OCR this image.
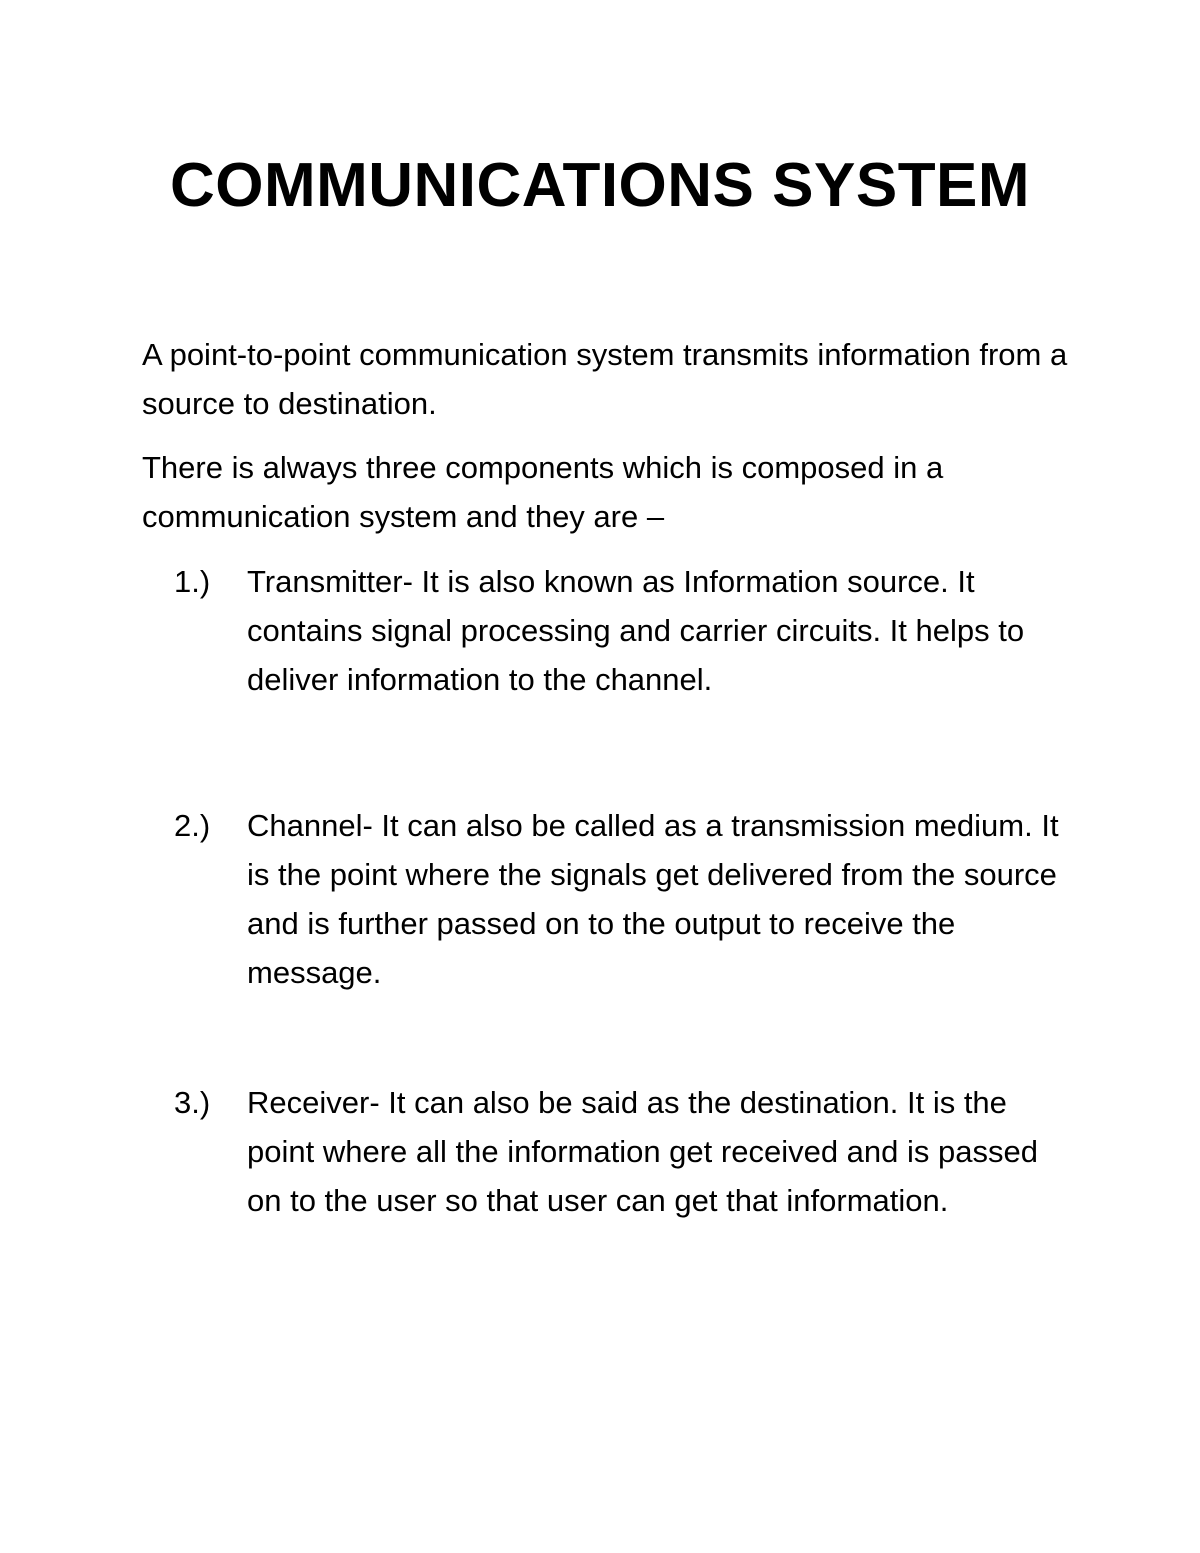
COMMUNICATIONS SYSTEM

A point-to-point communication system transmits information from a source to destination.

There is always three components which is composed in a communication system and they are –

1.) Transmitter- It is also known as Information source. It contains signal processing and carrier circuits. It helps to deliver information to the channel.
2.) Channel- It can also be called as a transmission medium. It is the point where the signals get delivered from the source and is further passed on to the output to receive the message.
3.) Receiver- It can also be said as the destination. It is the point where all the information get received and is passed on to the user so that user can get that information.
